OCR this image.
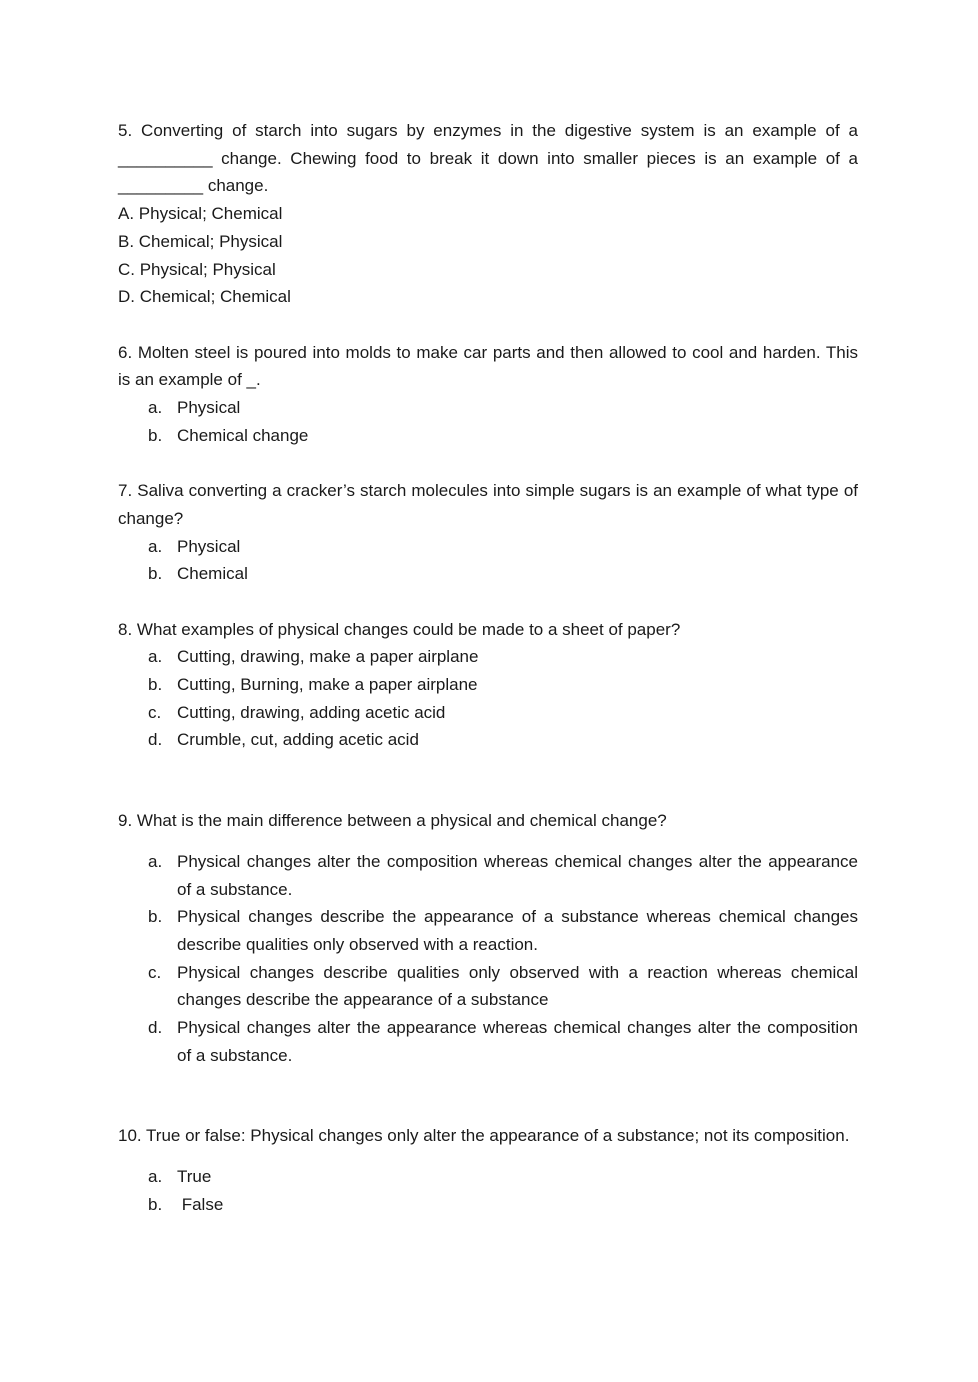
5. Converting of starch into sugars by enzymes in the digestive system is an example of a __________ change. Chewing food to break it down into smaller pieces is an example of a _________ change.
A. Physical; Chemical
B. Chemical; Physical
C. Physical; Physical
D. Chemical; Chemical
6. Molten steel is poured into molds to make car parts and then allowed to cool and harden. This is an example of _.
a. Physical
b. Chemical change
7. Saliva converting a cracker’s starch molecules into simple sugars is an example of what type of change?
a. Physical
b. Chemical
8. What examples of physical changes could be made to a sheet of paper?
a. Cutting, drawing, make a paper airplane
b. Cutting, Burning, make a paper airplane
c. Cutting, drawing, adding acetic acid
d. Crumble, cut, adding acetic acid
9. What is the main difference between a physical and chemical change?
a. Physical changes alter the composition whereas chemical changes alter the appearance of a substance.
b. Physical changes describe the appearance of a substance whereas chemical changes describe qualities only observed with a reaction.
c. Physical changes describe qualities only observed with a reaction whereas chemical changes describe the appearance of a substance
d. Physical changes alter the appearance whereas chemical changes alter the composition of a substance.
10. True or false: Physical changes only alter the appearance of a substance; not its composition.
a. True
b. False
